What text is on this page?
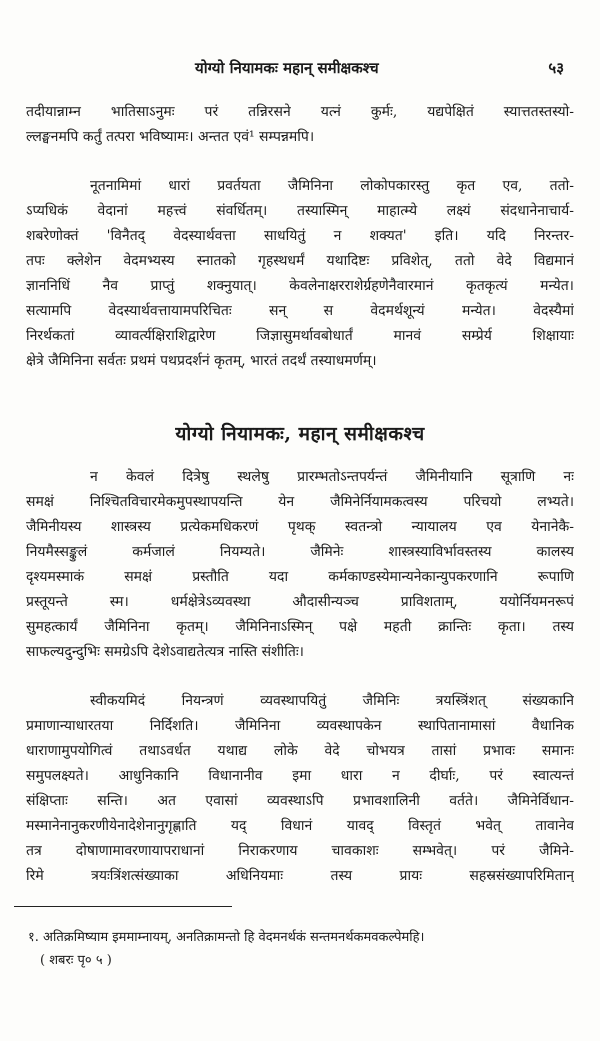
योग्यो नियामकः महान् समीक्षकश्च	५३
तदीयान्नाम्न भातिसाऽनुमः परं तन्निरसने यत्नं कुर्मः, यद्यपेक्षितं स्यात्ततस्तस्यो-
ल्लङ्घनमपि कर्तुं तत्परा भविष्यामः। अन्तत एवं¹ सम्पन्नमपि।
नूतनामिमां धारां प्रवर्तयता जैमिनिना लोकोपकारस्तु कृत एव, ततो-
ऽप्यधिकं वेदानां महत्त्वं संवर्धितम्। तस्यास्मिन् माहात्म्ये लक्ष्यं संदधानेनाचार्य-
शबरेणोक्तं 'विनैतद् वेदस्यार्थवत्ता साधयितुं न शक्यत' इति। यदि निरन्तर-
तपः क्लेशेन वेदमभ्यस्य स्नातको गृहस्थधर्मं यथादिष्टः प्रविशेत्, ततो वेदे विद्यमानं
ज्ञाननिधिं नैव प्राप्तुं शक्नुयात्। केवलेनाक्षरराशेर्ग्रहणेनैवारमानं कृतकृत्यं मन्येत।
सत्यामपि वेदस्यार्थवत्तायामपरिचितः सन् स वेदमर्थशून्यं मन्येत। वेदस्यैमां
निरर्थकतां व्यावर्त्यक्षिराशिद्वारेण जिज्ञासुमर्थावबोधार्तं मानवं सम्प्रेर्य शिक्षायाः
क्षेत्रे जैमिनिना सर्वतः प्रथमं पथप्रदर्शनं कृतम्, भारतं तदर्थं तस्याधमर्णम्।
योग्यो नियामकः, महान् समीक्षकश्च
न केवलं दित्रेषु स्थलेषु प्रारम्भतोऽन्तपर्यन्तं जैमिनीयानि सूत्राणि नः
समक्षं निश्चितविचारमेकमुपस्थापयन्ति येन जैमिनेर्नियामकत्वस्य परिचयो लभ्यते।
जैमिनीयस्य शास्त्रस्य प्रत्येकमधिकरणं पृथक् स्वतन्त्रो न्यायालय एव येनानेकै-
नियमैस्सङ्कुलं कर्मजालं नियम्यते। जैमिनेः शास्त्रस्याविर्भावस्तस्य कालस्य
दृश्यमस्माकं समक्षं प्रस्तौति यदा कर्मकाण्डस्येमान्यनेकान्युपकरणानि रूपाणि
प्रस्तूयन्ते स्म। धर्मक्षेत्रेऽव्यवस्था औदासीन्यञ्च प्राविशताम्, ययोर्नियमनरूपं
सुमहत्कार्यं जैमिनिना कृतम्। जैमिनिनाऽस्मिन् पक्षे महती क्रान्तिः कृता। तस्य
साफल्यदुन्दुभिः समग्रेऽपि देशेऽवाद्यतेत्यत्र नास्ति संशीतिः।
स्वीकयमिदं नियन्त्रणं व्यवस्थापयितुं जैमिनिः त्रयस्त्रिंशत् संख्यकानि
प्रमाणान्याधारतया निर्दिशति। जैमिनिना व्यवस्थापकेन स्थापितानामासां वैधानिक
धाराणामुपयोगित्वं तथाऽवर्धत यथाद्य लोके वेदे चोभयत्र तासां प्रभावः समानः
समुपलक्ष्यते। आधुनिकानि विधानानीव इमा धारा न दीर्घाः, परं स्वात्यन्तं
संक्षिप्ताः सन्ति। अत एवासां व्यवस्थाऽपि प्रभावशालिनी वर्तते। जैमिनेर्विधान-
मस्मानेनानुकरणीयेनादेशेनानुगृह्णाति यद् विधानं यावद् विस्तृतं भवेत् तावानेव
तत्र दोषाणामावरणायापराधानां निराकरणाय चावकाशः सम्भवेत्। परं जैमिने-
रिमे त्रयःत्रिंशत्संख्याका अधिनियमाः तस्य प्रायः सहस्रसंख्यापरिमितान्
१. अतिक्रमिष्याम इममाम्नायम्, अनतिक्रामन्तो हि वेदमनर्थकं सन्तमनर्थकमवकल्पेमहि।
( शबरः पृ० ५ )
